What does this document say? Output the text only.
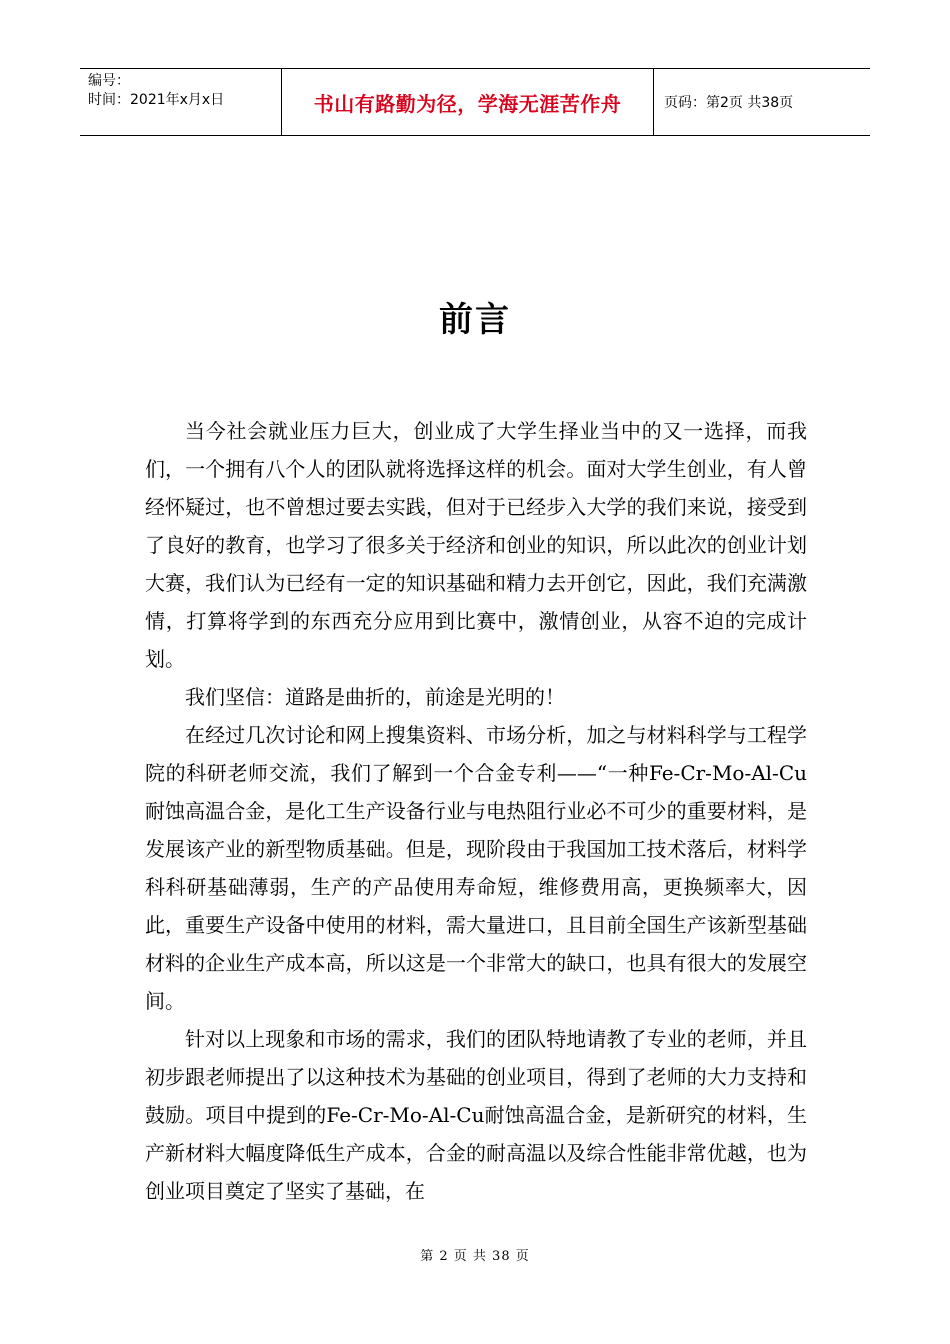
编号：
时间：2021年x月x日	书山有路勤为径，学海无涯苦作舟	页码：第2页 共38页
前言

当今社会就业压力巨大，创业成了大学生择业当中的又一选择，而我们，一个拥有八个人的团队就将选择这样的机会。面对大学生创业，有人曾经怀疑过，也不曾想过要去实践，但对于已经步入大学的我们来说，接受到了良好的教育，也学习了很多关于经济和创业的知识，所以此次的创业计划大赛，我们认为已经有一定的知识基础和精力去开创它，因此，我们充满激情，打算将学到的东西充分应用到比赛中，激情创业，从容不迫的完成计划。

我们坚信：道路是曲折的，前途是光明的！

在经过几次讨论和网上搜集资料、市场分析，加之与材料科学与工程学院的科研老师交流，我们了解到一个合金专利——“一种Fe-Cr-Mo-Al-Cu耐蚀高温合金，是化工生产设备行业与电热阻行业必不可少的重要材料，是发展该产业的新型物质基础。但是，现阶段由于我国加工技术落后，材料学科科研基础薄弱，生产的产品使用寿命短，维修费用高，更换频率大，因此，重要生产设备中使用的材料，需大量进口，且目前全国生产该新型基础材料的企业生产成本高，所以这是一个非常大的缺口，也具有很大的发展空间。

针对以上现象和市场的需求，我们的团队特地请教了专业的老师，并且初步跟老师提出了以这种技术为基础的创业项目，得到了老师的大力支持和鼓励。项目中提到的Fe-Cr-Mo-Al-Cu耐蚀高温合金，是新研究的材料，生产新材料大幅度降低生产成本，合金的耐高温以及综合性能非常优越，也为创业项目奠定了坚实了基础，在

第 2 页 共 38 页
